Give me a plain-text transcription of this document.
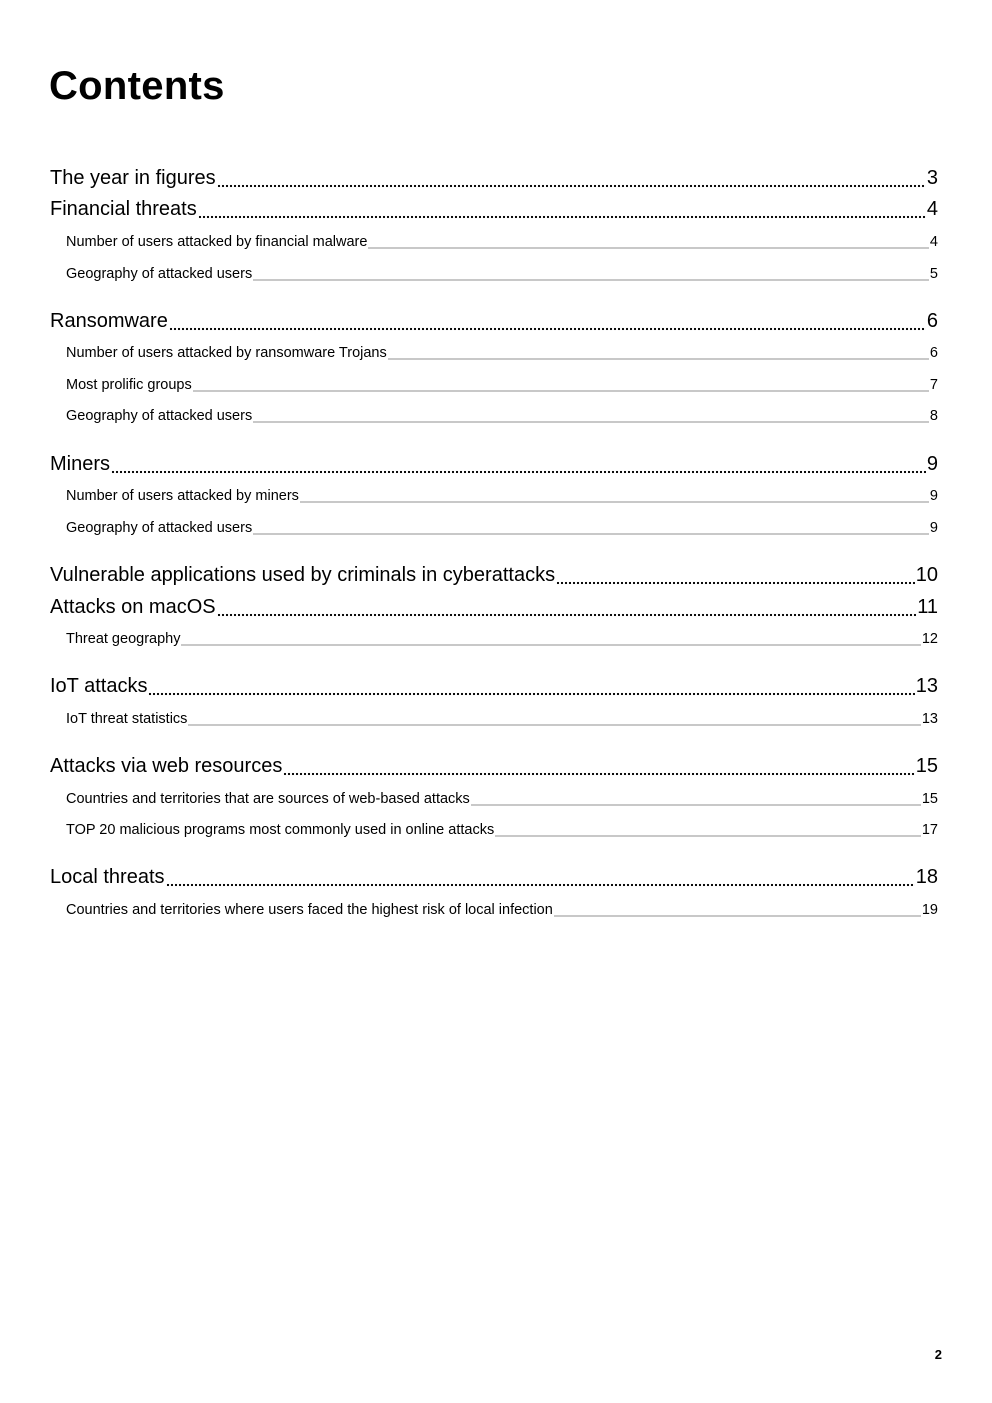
Contents
The year in figures	3
Financial threats	4
Number of users attacked by financial malware	4
Geography of attacked users	5
Ransomware	6
Number of users attacked by ransomware Trojans	6
Most prolific groups	7
Geography of attacked users	8
Miners	9
Number of users attacked by miners	9
Geography of attacked users	9
Vulnerable applications used by criminals in cyberattacks	10
Attacks on macOS	11
Threat geography	12
IoT attacks	13
IoT threat statistics	13
Attacks via web resources	15
Countries and territories that are sources of web-based attacks	15
TOP 20 malicious programs most commonly used in online attacks	17
Local threats	18
Countries and territories where users faced the highest risk of local infection	19
2
